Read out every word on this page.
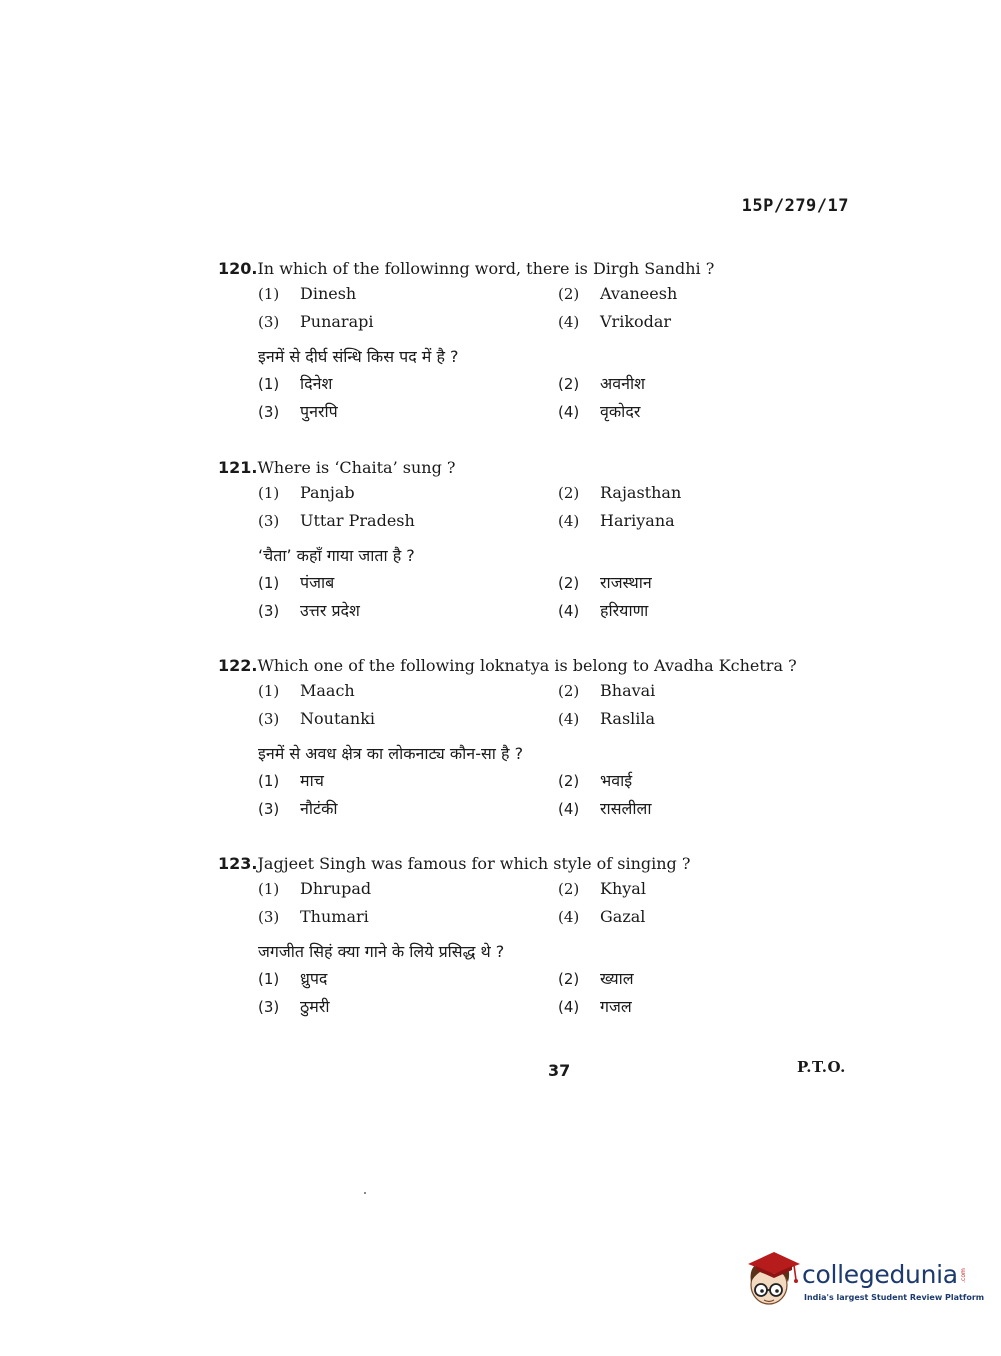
15P/279/17
120.In which of the followinng word, there is Dirgh Sandhi ?
(1) Dinesh	(2) Avaneesh
(3) Punarapi	(4) Vrikodar
इनमें से दीर्घ संन्धि किस पद में है ?
(1) दिनेश	(2) अवनीश
(3) पुनरपि	(4) वृकोदर
121.Where is ‘Chaita’ sung ?
(1) Panjab	(2) Rajasthan
(3) Uttar Pradesh	(4) Hariyana
‘चैता’ कहाँ गाया जाता है ?
(1) पंजाब	(2) राजस्थान
(3) उत्तर प्रदेश	(4) हरियाणा
122.Which one of the following loknatya is belong to Avadha Kchetra ?
(1) Maach	(2) Bhavai
(3) Noutanki	(4) Raslila
इनमें से अवध क्षेत्र का लोकनाट्य कौन-सा है ?
(1) माच	(2) भवाई
(3) नौटंकी	(4) रासलीला
123.Jagjeet Singh was famous for which style of singing ?
(1) Dhrupad	(2) Khyal
(3) Thumari	(4) Gazal
जगजीत सिहं क्या गाने के लिये प्रसिद्ध थे ?
(1) ध्रुपद	(2) ख्याल
(3) ठुमरी	(4) गजल
37	P.T.O.
collegedunia .com
India's largest Student Review Platform
